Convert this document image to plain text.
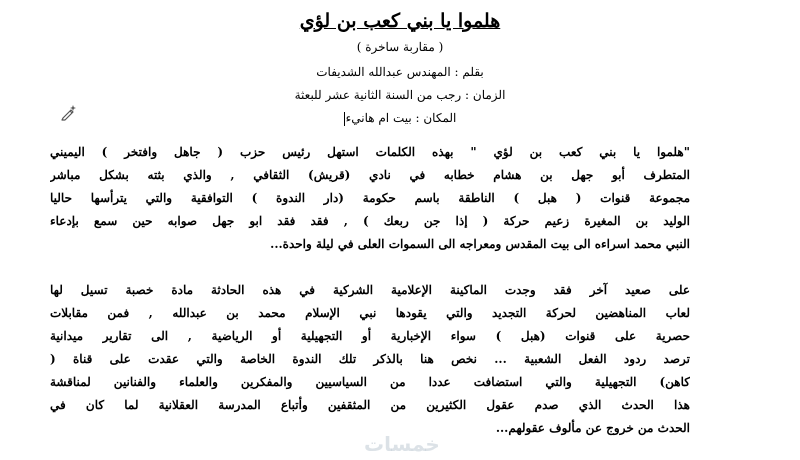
هلموا يا بني كعب بن لؤي
( مقاربة ساخرة )
بقلم : المهندس عبدالله الشديفات
الزمان : رجب من السنة الثانية عشر للبعثة
المكان : بيت ام هانيء
"هلموا يا بني كعب بن لؤي " بهذه الكلمات استهل رئيس حزب ( جاهل وافتخر ) اليميني
المتطرف أبو جهل بن هشام خطابه في نادي (قريش) الثقافي , والذي بثته بشكل مباشر
مجموعة قنوات ( هبل ) الناطقة باسم حكومة (دار الندوة ) التوافقية والتي يترأسها حاليا
الوليد بن المغيرة زعيم حركة ( إذا جن ربعك ) , فقد فقد ابو جهل صوابه حين سمع بإدعاء
النبي محمد اسراءه الى بيت المقدس ومعراجه الى السموات العلى في ليلة واحدة...
على صعيد آخر فقد وجدت الماكينة الإعلامية الشركية في هذه الحادثة مادة خصبة تسيل لها
لعاب المناهضين لحركة التجديد والتي يقودها نبي الإسلام محمد بن عبدالله , فمن مقابلات
حصرية على قنوات (هبل ) سواء الإخبارية أو التجهيلية أو الرياضية , الى تقارير ميدانية
ترصد ردود الفعل الشعبية ... نخص هنا بالذكر تلك الندوة الخاصة والتي عقدت على قناة (
كاهن) التجهيلية والتي استضافت عددا من السياسيين والمفكرين والعلماء والفنانين لمناقشة
هذا الحدث الذي صدم عقول الكثيرين من المثقفين وأتباع المدرسة العقلانية لما كان في
الحدث من خروج عن مألوف عقولهم...
خمسات
